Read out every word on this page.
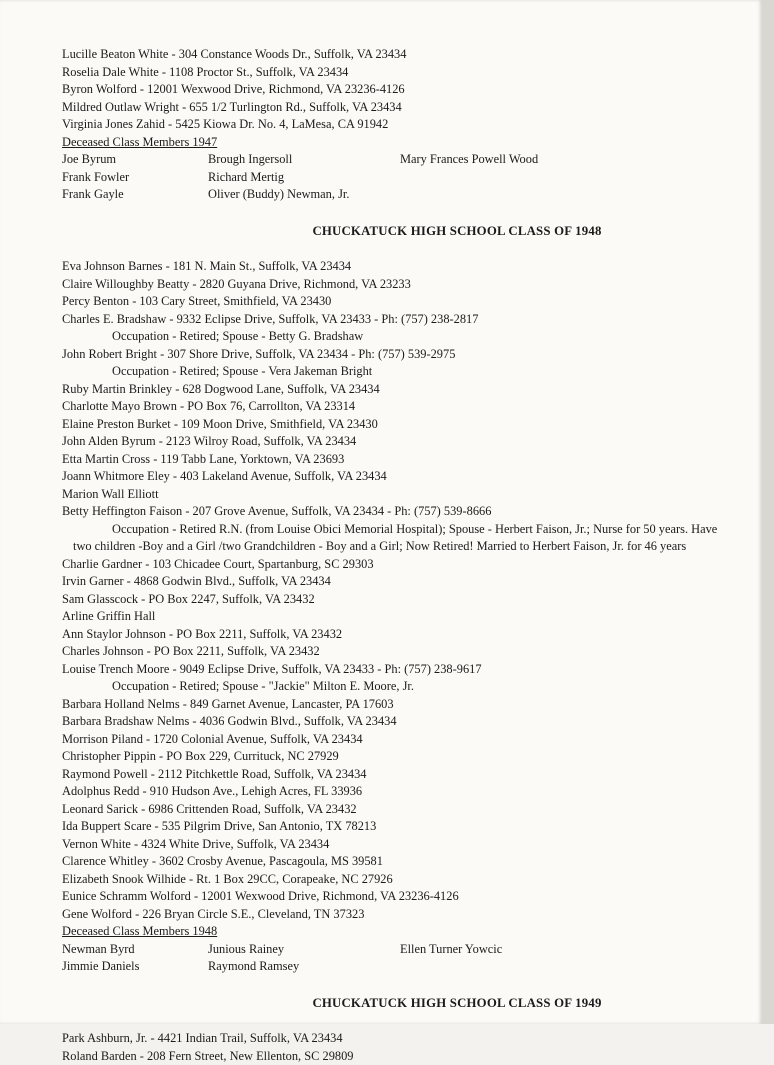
Lucille Beaton White - 304 Constance Woods Dr., Suffolk, VA 23434
Roselia Dale White - 1108 Proctor St., Suffolk, VA 23434
Byron Wolford - 12001 Wexwood Drive, Richmond, VA 23236-4126
Mildred Outlaw Wright - 655 1/2 Turlington Rd., Suffolk, VA 23434
Virginia Jones Zahid - 5425 Kiowa Dr. No. 4, LaMesa, CA 91942
Deceased Class Members 1947
Joe Byrum	Brough Ingersoll	Mary Frances Powell Wood
Frank Fowler	Richard Mertig
Frank Gayle	Oliver (Buddy) Newman, Jr.
CHUCKATUCK HIGH SCHOOL CLASS OF 1948
Eva Johnson Barnes - 181 N. Main St., Suffolk, VA 23434
Claire Willoughby Beatty - 2820 Guyana Drive, Richmond, VA 23233
Percy Benton - 103 Cary Street, Smithfield, VA 23430
Charles E. Bradshaw - 9332 Eclipse Drive, Suffolk, VA 23433 - Ph: (757) 238-2817
Occupation - Retired; Spouse - Betty G. Bradshaw
John Robert Bright - 307 Shore Drive, Suffolk, VA 23434 - Ph: (757) 539-2975
Occupation - Retired; Spouse - Vera Jakeman Bright
Ruby Martin Brinkley - 628 Dogwood Lane, Suffolk, VA 23434
Charlotte Mayo Brown - PO Box 76, Carrollton, VA 23314
Elaine Preston Burket - 109 Moon Drive, Smithfield, VA 23430
John Alden Byrum - 2123 Wilroy Road, Suffolk, VA 23434
Etta Martin Cross - 119 Tabb Lane, Yorktown, VA 23693
Joann Whitmore Eley - 403 Lakeland Avenue, Suffolk, VA 23434
Marion Wall Elliott
Betty Heffington Faison - 207 Grove Avenue, Suffolk, VA 23434 - Ph: (757) 539-8666
Occupation - Retired R.N. (from Louise Obici Memorial Hospital); Spouse - Herbert Faison, Jr.; Nurse for 50 years. Have
two children -Boy and a Girl /two Grandchildren - Boy and a Girl; Now Retired! Married to Herbert Faison, Jr. for 46 years
Charlie Gardner - 103 Chicadee Court, Spartanburg, SC 29303
Irvin Garner - 4868 Godwin Blvd., Suffolk, VA 23434
Sam Glasscock - PO Box 2247, Suffolk, VA 23432
Arline Griffin Hall
Ann Staylor Johnson - PO Box 2211, Suffolk, VA 23432
Charles Johnson - PO Box 2211, Suffolk, VA 23432
Louise Trench Moore - 9049 Eclipse Drive, Suffolk, VA 23433 - Ph: (757) 238-9617
Occupation - Retired; Spouse - "Jackie" Milton E. Moore, Jr.
Barbara Holland Nelms - 849 Garnet Avenue, Lancaster, PA 17603
Barbara Bradshaw Nelms - 4036 Godwin Blvd., Suffolk, VA 23434
Morrison Piland - 1720 Colonial Avenue, Suffolk, VA 23434
Christopher Pippin - PO Box 229, Currituck, NC 27929
Raymond Powell - 2112 Pitchkettle Road, Suffolk, VA 23434
Adolphus Redd - 910 Hudson Ave., Lehigh Acres, FL 33936
Leonard Sarick - 6986 Crittenden Road, Suffolk, VA 23432
Ida Buppert Scare - 535 Pilgrim Drive, San Antonio, TX 78213
Vernon White - 4324 White Drive, Suffolk, VA 23434
Clarence Whitley - 3602 Crosby Avenue, Pascagoula, MS 39581
Elizabeth Snook Wilhide - Rt. 1 Box 29CC, Corapeake, NC 27926
Eunice Schramm Wolford - 12001 Wexwood Drive, Richmond, VA 23236-4126
Gene Wolford - 226 Bryan Circle S.E., Cleveland, TN 37323
Deceased Class Members 1948
Newman Byrd	Junious Rainey	Ellen Turner Yowcic
Jimmie Daniels	Raymond Ramsey
CHUCKATUCK HIGH SCHOOL CLASS OF 1949
Park Ashburn, Jr. - 4421 Indian Trail, Suffolk, VA 23434
Roland Barden - 208 Fern Street, New Ellenton, SC 29809
